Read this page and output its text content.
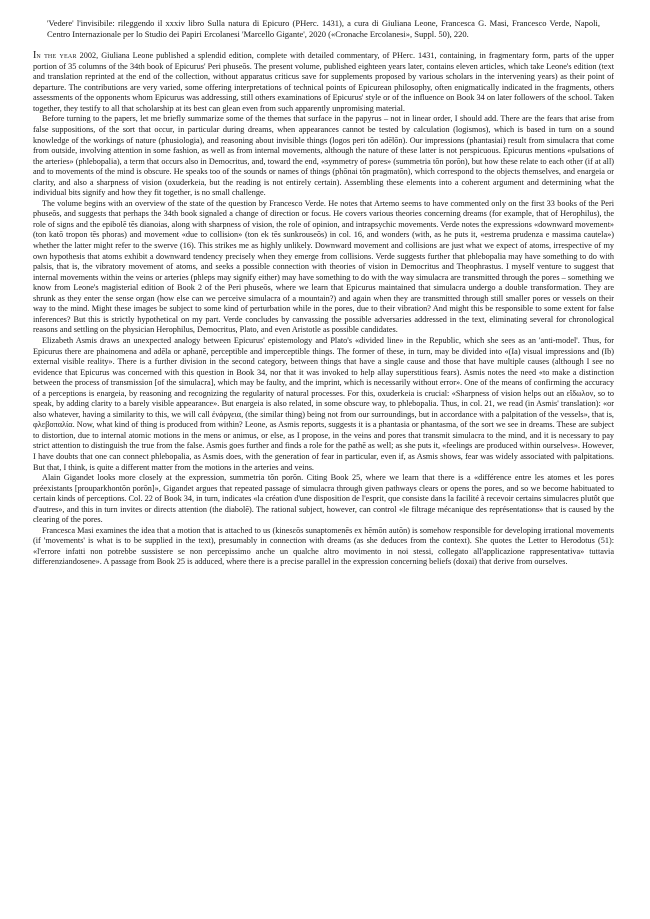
'Vedere' l'invisibile: rileggendo il xxxiv libro Sulla natura di Epicuro (PHerc. 1431), a cura di Giuliana Leone, Francesca G. Masi, Francesco Verde, Napoli, Centro Internazionale per lo Studio dei Papiri Ercolanesi 'Marcello Gigante', 2020 («Cronache Ercolanesi», Suppl. 50), 220.

In the year 2002, Giuliana Leone published a splendid edition, complete with detailed commentary, of PHerc. 1431, containing, in fragmentary form, parts of the upper portion of 35 columns of the 34th book of Epicurus' Peri phuseōs. The present volume, published eighteen years later, contains eleven articles, which take Leone's edition (text and translation reprinted at the end of the collection, without apparatus criticus save for supplements proposed by various scholars in the intervening years) as their point of departure. The contributions are very varied, some offering interpretations of technical points of Epicurean philosophy, often enigmatically indicated in the fragments, others assessments of the opponents whom Epicurus was addressing, still others examinations of Epicurus' style or of the influence on Book 34 on later followers of the school. Taken together, they testify to all that scholarship at its best can glean even from such apparently unpromising material.

Before turning to the papers, let me briefly summarize some of the themes that surface in the papyrus – not in linear order, I should add. There are the fears that arise from false suppositions, of the sort that occur, in particular during dreams, when appearances cannot be tested by calculation (logismos), which is based in turn on a sound knowledge of the workings of nature (phusiologia), and reasoning about invisible things (logos peri tōn adēlōn). Our impressions (phantasiai) result from simulacra that come from outside, involving attention in some fashion, as well as from internal movements, although the nature of these latter is not perspicuous. Epicurus mentions «pulsations of the arteries» (phlebopalia), a term that occurs also in Democritus, and, toward the end, «symmetry of pores» (summetria tōn porōn), but how these relate to each other (if at all) and to movements of the mind is obscure. He speaks too of the sounds or names of things (phōnai tōn pragmatōn), which correspond to the objects themselves, and enargeia or clarity, and also a sharpness of vision (oxuderkeia, but the reading is not entirely certain). Assembling these elements into a coherent argument and determining what the individual bits signify and how they fit together, is no small challenge.

The volume begins with an overview of the state of the question by Francesco Verde. He notes that Artemo seems to have commented only on the first 33 books of the Peri phuseōs, and suggests that perhaps the 34th book signaled a change of direction or focus. He covers various theories concerning dreams (for example, that of Herophilus), the role of signs and the epibolē tēs dianoias, along with sharpness of vision, the role of opinion, and intrapsychic movements. Verde notes the expressions «downward movement» (ton katō tropon tēs phoras) and movement «due to collision» (ton ek tēs sunkrouseōs) in col. 16, and wonders (with, as he puts it, «estrema prudenza e massima cautela») whether the latter might refer to the swerve (16). This strikes me as highly unlikely. Downward movement and collisions are just what we expect of atoms, irrespective of my own hypothesis that atoms exhibit a downward tendency precisely when they emerge from collisions. Verde suggests further that phlebopalia may have something to do with palsis, that is, the vibratory movement of atoms, and seeks a possible connection with theories of vision in Democritus and Theophrastus. I myself venture to suggest that internal movements within the veins or arteries (phleps may signify either) may have something to do with the way simulacra are transmitted through the pores – something we know from Leone's magisterial edition of Book 2 of the Peri phuseōs, where we learn that Epicurus maintained that simulacra undergo a double transformation. They are shrunk as they enter the sense organ (how else can we perceive simulacra of a mountain?) and again when they are transmitted through still smaller pores or vessels on their way to the mind. Might these images be subject to some kind of perturbation while in the pores, due to their vibration? And might this be responsible to some extent for false inferences? But this is strictly hypothetical on my part. Verde concludes by canvassing the possible adversaries addressed in the text, eliminating several for chronological reasons and settling on the physician Herophilus, Democritus, Plato, and even Aristotle as possible candidates.

Elizabeth Asmis draws an unexpected analogy between Epicurus' epistemology and Plato's «divided line» in the Republic, which she sees as an 'anti-model'. Thus, for Epicurus there are phainomena and adēla or aphanē, perceptible and imperceptible things. The former of these, in turn, may be divided into «(Ia) visual impressions and (Ib) external visible reality». There is a further division in the second category, between things that have a single cause and those that have multiple causes (although I see no evidence that Epicurus was concerned with this question in Book 34, nor that it was invoked to help allay superstitious fears). Asmis notes the need «to make a distinction between the process of transmission [of the simulacra], which may be faulty, and the imprint, which is necessarily without error». One of the means of confirming the accuracy of a perceptions is enargeia, by reasoning and recognizing the regularity of natural processes. For this, oxuderkeia is crucial: «Sharpness of vision helps out an εἴδωλον, so to speak, by adding clarity to a barely visible appearance». But enargeia is also related, in some obscure way, to phlebopalia. Thus, in col. 21, we read (in Asmis' translation): «or also whatever, having a similarity to this, we will call ἐνάργεια, (the similar thing) being not from our surroundings, but in accordance with a palpitation of the vessels», that is, φλεβοπαλία. Now, what kind of thing is produced from within? Leone, as Asmis reports, suggests it is a phantasia or phantasma, of the sort we see in dreams. These are subject to distortion, due to internal atomic motions in the mens or animus, or else, as I propose, in the veins and pores that transmit simulacra to the mind, and it is necessary to pay strict attention to distinguish the true from the false. Asmis goes further and finds a role for the pathē as well; as she puts it, «feelings are produced within ourselves». However, I have doubts that one can connect phlebopalia, as Asmis does, with the generation of fear in particular, even if, as Asmis shows, fear was widely associated with palpitations. But that, I think, is quite a different matter from the motions in the arteries and veins.

Alain Gigandet looks more closely at the expression, summetria tōn porōn. Citing Book 25, where we learn that there is a «différence entre les atomes et les pores préexistants [prouparkhontōn porōn]», Gigandet argues that repeated passage of simulacra through given pathways clears or opens the pores, and so we become habituated to certain kinds of perceptions. Col. 22 of Book 34, in turn, indicates «la création d'une disposition de l'esprit, que consiste dans la facilité à recevoir certains simulacres plutôt que d'autres», and this in turn invites or directs attention (the diabolē). The rational subject, however, can control «le filtrage mécanique des représentations» that is caused by the clearing of the pores.

Francesca Masi examines the idea that a motion that is attached to us (kinesεōs sunaptomenēs ex hēmōn autōn) is somehow responsible for developing irrational movements (if 'movements' is what is to be supplied in the text), presumably in connection with dreams (as she deduces from the context). She quotes the Letter to Herodotus (51): «l'errore infatti non potrebbe sussistere se non percepissimo anche un qualche altro movimento in noi stessi, collegato all'applicazione rappresentativa» tuttavia differenziandosene». A passage from Book 25 is adduced, where there is a precise parallel in the expression concerning beliefs (doxai) that derive from ourselves.
